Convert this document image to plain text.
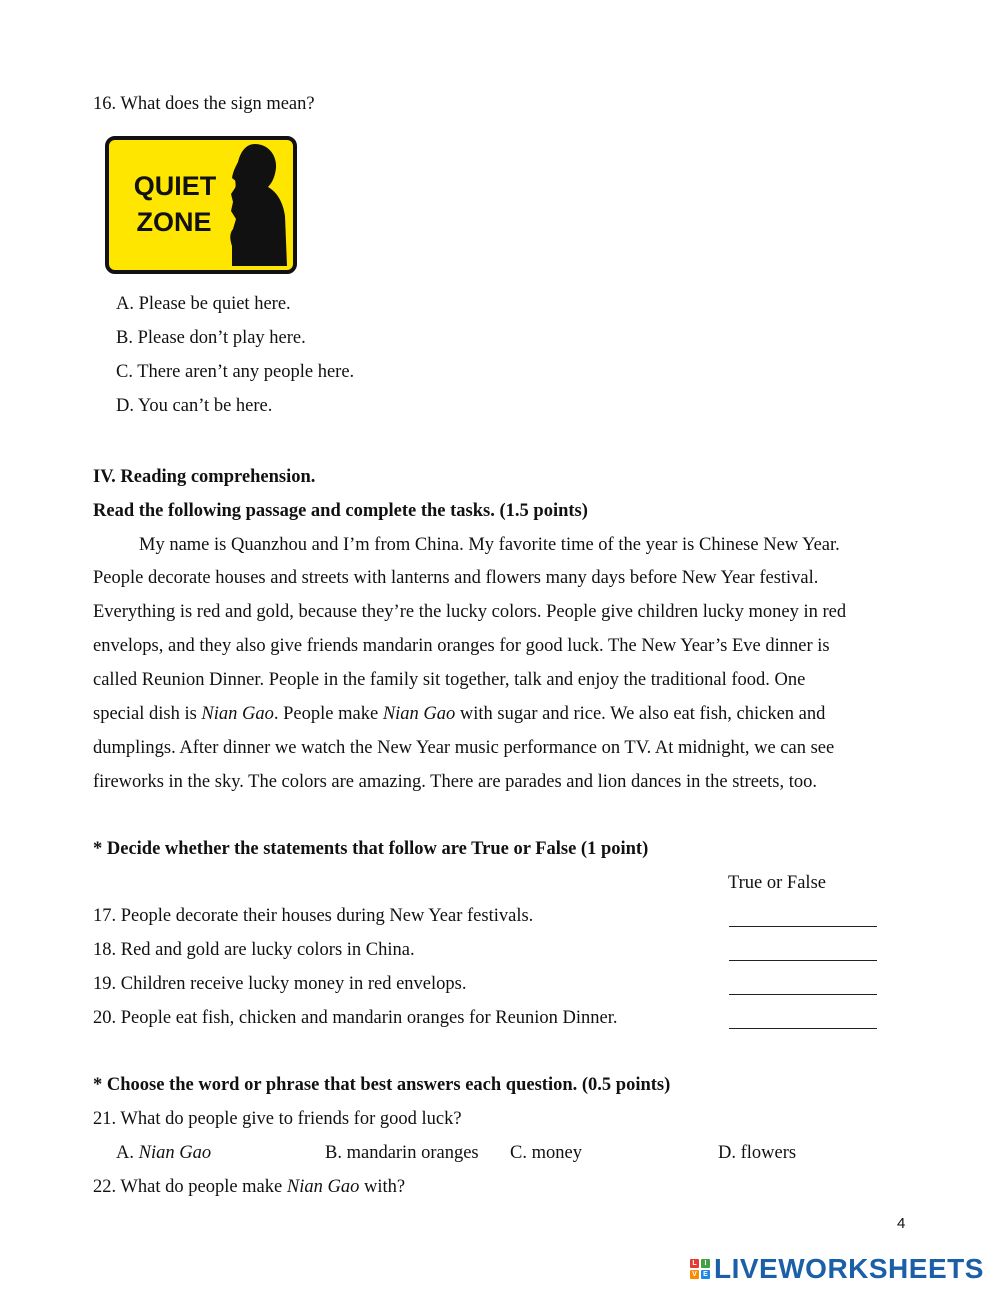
16. What does the sign mean?
QUIET
ZONE
A. Please be quiet here.
B. Please don’t play here.
C. There aren’t any people here.
D. You can’t be here.
IV. Reading comprehension.
Read the following passage and complete the tasks. (1.5 points)

My name is Quanzhou and I’m from China. My favorite time of the year is Chinese New Year.

People decorate houses and streets with lanterns and flowers many days before New Year festival.

Everything is red and gold, because they’re the lucky colors. People give children lucky money in red

envelops, and they also give friends mandarin oranges for good luck. The New Year’s Eve dinner is

called Reunion Dinner. People in the family sit together, talk and enjoy the traditional food. One

special dish is Nian Gao. People make Nian Gao with sugar and rice. We also eat fish, chicken and

dumplings. After dinner we watch the New Year music performance on TV. At midnight, we can see

fireworks in the sky. The colors are amazing. There are parades and lion dances in the streets, too.

* Decide whether the statements that follow are True or False (1 point)
True or False
17. People decorate their houses during New Year festivals.
18. Red and gold are lucky colors in China.
19. Children receive lucky money in red envelops.
20. People eat fish, chicken and mandarin oranges for Reunion Dinner.
* Choose the word or phrase that best answers each question. (0.5 points)
21. What do people give to friends for good luck?
A. Nian Gao	B. mandarin oranges C. money	D. flowers
22. What do people make Nian Gao with?
4
L	I
V E LIVEWORKSHEETS
